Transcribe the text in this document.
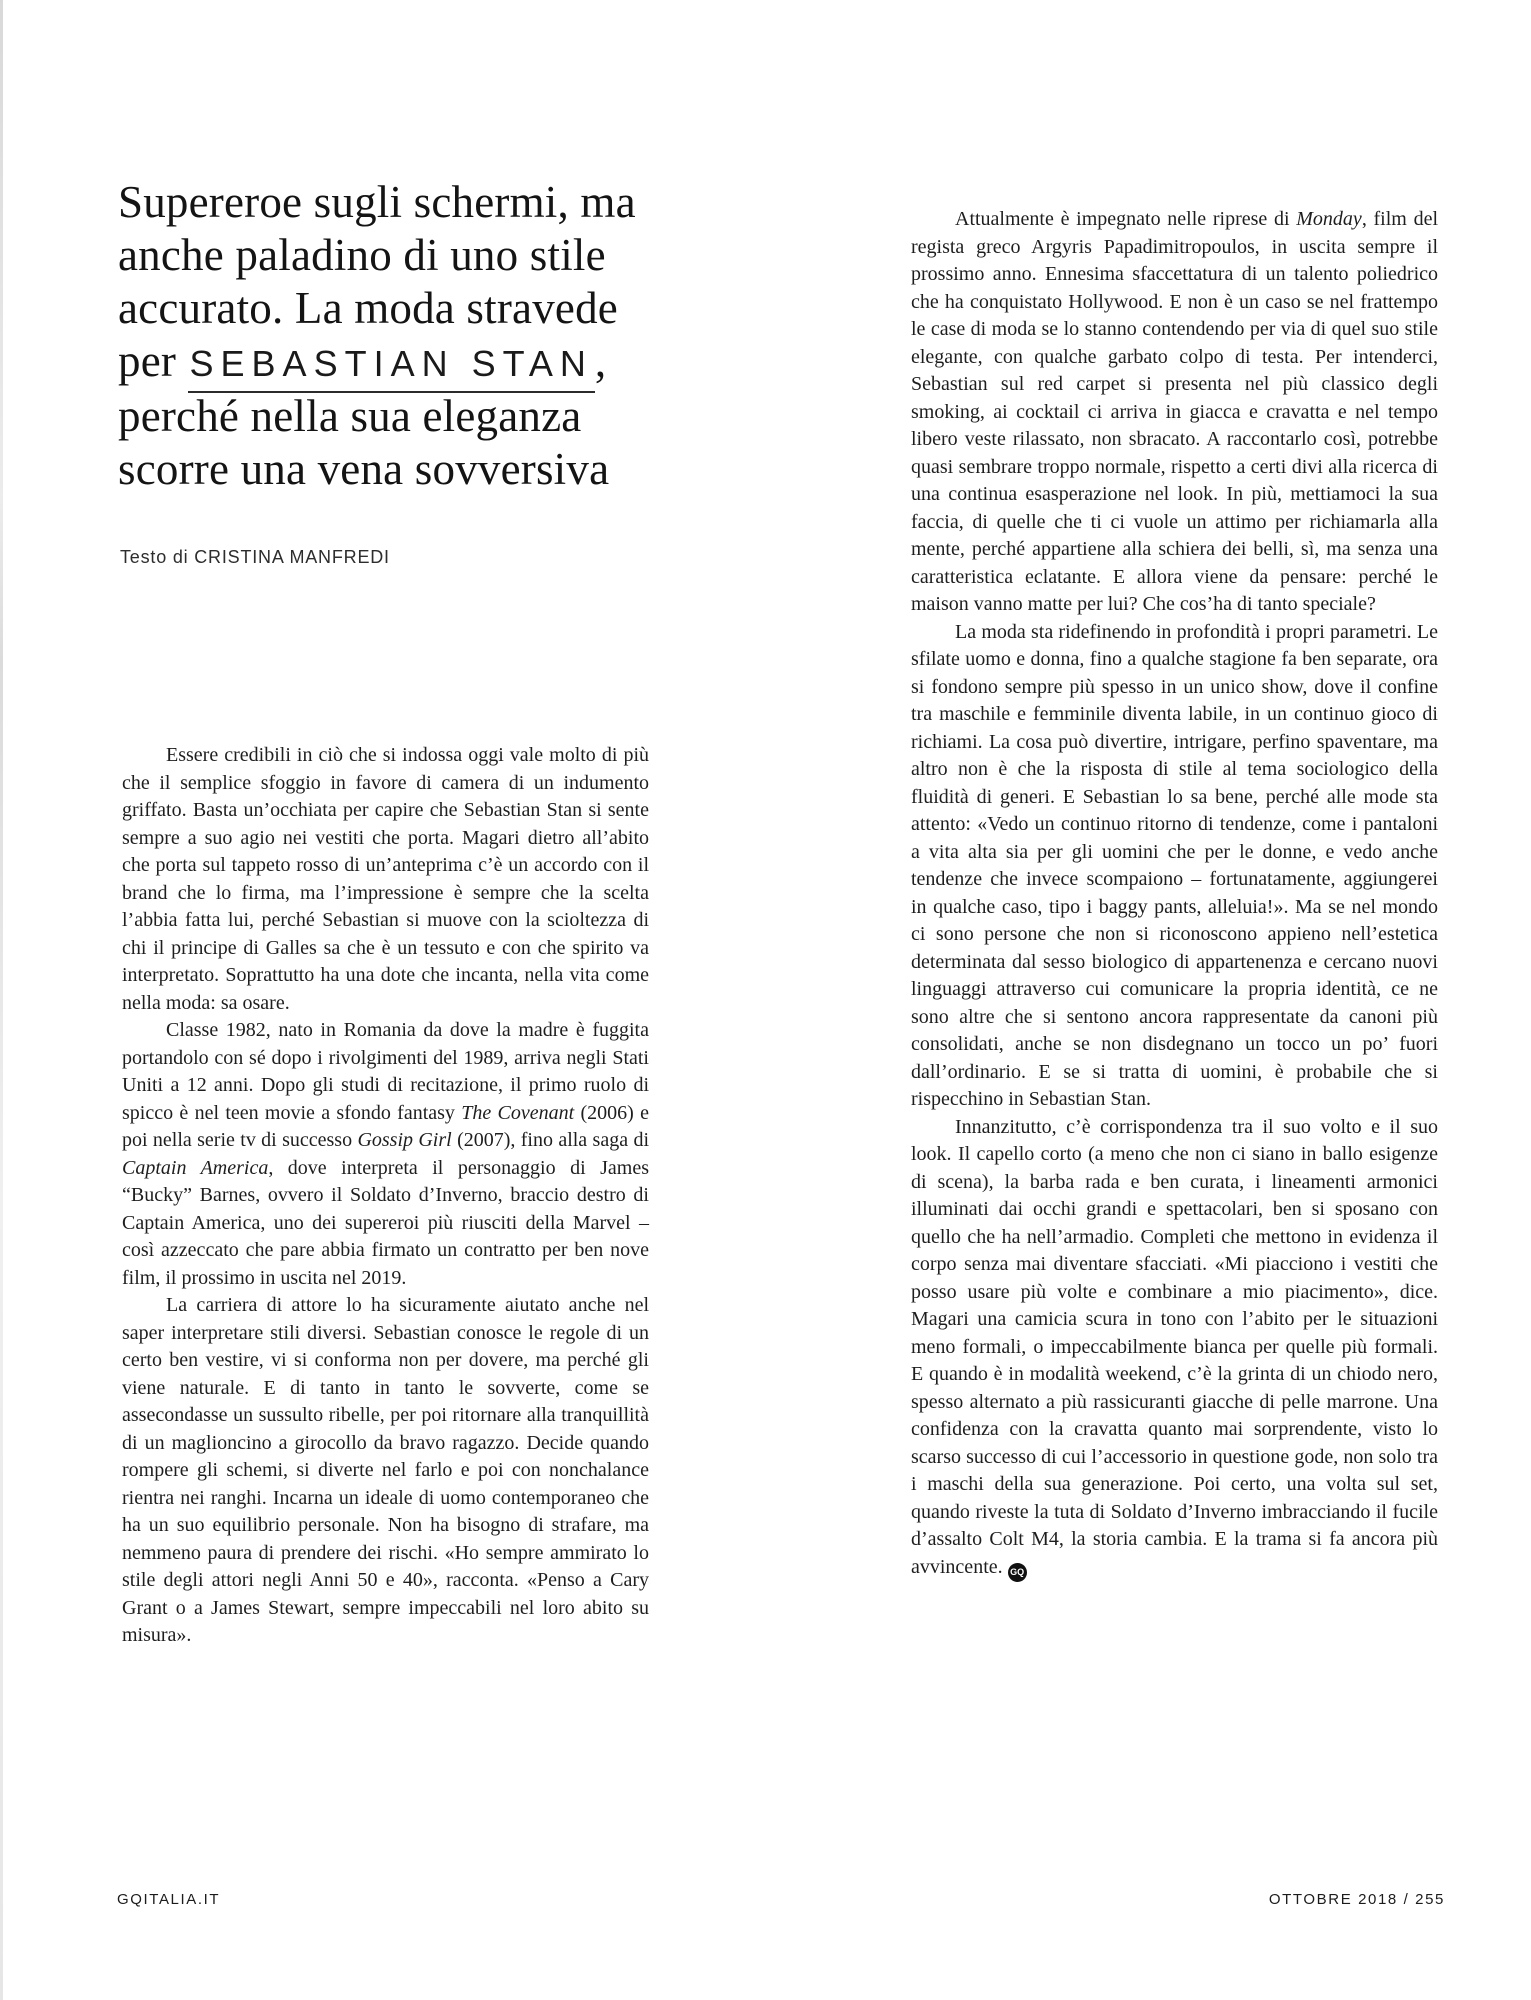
Supereroe sugli schermi, ma
anche paladino di uno stile
accurato. La moda stravede
per SEBASTIAN STAN,
perché nella sua eleganza
scorre una vena sovversiva
Testo di CRISTINA MANFREDI

Essere credibili in ciò che si indossa oggi vale molto di più che il semplice sfoggio in favore di camera di un indumento griffato. Basta un’occhiata per capire che Sebastian Stan si sente sempre a suo agio nei vestiti che porta. Magari dietro all’abito che porta sul tappeto rosso di un’anteprima c’è un accordo con il brand che lo firma, ma l’impressione è sempre che la scelta l’abbia fatta lui, perché Sebastian si muove con la scioltezza di chi il principe di Galles sa che è un tessuto e con che spirito va interpretato. Soprattutto ha una dote che incanta, nella vita come nella moda: sa osare.

Classe 1982, nato in Romania da dove la madre è fuggita portandolo con sé dopo i rivolgimenti del 1989, arriva negli Stati Uniti a 12 anni. Dopo gli studi di recitazione, il primo ruolo di spicco è nel teen movie a sfondo fantasy The Covenant (2006) e poi nella serie tv di successo Gossip Girl (2007), fino alla saga di Captain America, dove interpreta il personaggio di James “Bucky” Barnes, ovvero il Soldato d’Inverno, braccio destro di Captain America, uno dei supereroi più riusciti della Marvel – così azzeccato che pare abbia firmato un contratto per ben nove film, il prossimo in uscita nel 2019.

La carriera di attore lo ha sicuramente aiutato anche nel saper interpretare stili diversi. Sebastian conosce le regole di un certo ben vestire, vi si conforma non per dovere, ma perché gli viene naturale. E di tanto in tanto le sovverte, come se assecondasse un sussulto ribelle, per poi ritornare alla tranquillità di un maglioncino a girocollo da bravo ragazzo. Decide quando rompere gli schemi, si diverte nel farlo e poi con nonchalance rientra nei ranghi. Incarna un ideale di uomo contemporaneo che ha un suo equilibrio personale. Non ha bisogno di strafare, ma nemmeno paura di prendere dei rischi. «Ho sempre ammirato lo stile degli attori negli Anni 50 e 40», racconta. «Penso a Cary Grant o a James Stewart, sempre impeccabili nel loro abito su misura».

Attualmente è impegnato nelle riprese di Monday, film del regista greco Argyris Papadimitropoulos, in uscita sempre il prossimo anno. Ennesima sfaccettatura di un talento poliedrico che ha conquistato Hollywood. E non è un caso se nel frattempo le case di moda se lo stanno contendendo per via di quel suo stile elegante, con qualche garbato colpo di testa. Per intenderci, Sebastian sul red carpet si presenta nel più classico degli smoking, ai cocktail ci arriva in giacca e cravatta e nel tempo libero veste rilassato, non sbracato. A raccontarlo così, potrebbe quasi sembrare troppo normale, rispetto a certi divi alla ricerca di una continua esasperazione nel look. In più, mettiamoci la sua faccia, di quelle che ti ci vuole un attimo per richiamarla alla mente, perché appartiene alla schiera dei belli, sì, ma senza una caratteristica eclatante. E allora viene da pensare: perché le maison vanno matte per lui? Che cos’ha di tanto speciale?

La moda sta ridefinendo in profondità i propri parametri. Le sfilate uomo e donna, fino a qualche stagione fa ben separate, ora si fondono sempre più spesso in un unico show, dove il confine tra maschile e femminile diventa labile, in un continuo gioco di richiami. La cosa può divertire, intrigare, perfino spaventare, ma altro non è che la risposta di stile al tema sociologico della fluidità di generi. E Sebastian lo sa bene, perché alle mode sta attento: «Vedo un continuo ritorno di tendenze, come i pantaloni a vita alta sia per gli uomini che per le donne, e vedo anche tendenze che invece scompaiono – fortunatamente, aggiungerei in qualche caso, tipo i baggy pants, alleluia!». Ma se nel mondo ci sono persone che non si riconoscono appieno nell’estetica determinata dal sesso biologico di appartenenza e cercano nuovi linguaggi attraverso cui comunicare la propria identità, ce ne sono altre che si sentono ancora rappresentate da canoni più consolidati, anche se non disdegnano un tocco un po’ fuori dall’ordinario. E se si tratta di uomini, è probabile che si rispecchino in Sebastian Stan.

Innanzitutto, c’è corrispondenza tra il suo volto e il suo look. Il capello corto (a meno che non ci siano in ballo esigenze di scena), la barba rada e ben curata, i lineamenti armonici illuminati dai occhi grandi e spettacolari, ben si sposano con quello che ha nell’armadio. Completi che mettono in evidenza il corpo senza mai diventare sfacciati. «Mi piacciono i vestiti che posso usare più volte e combinare a mio piacimento», dice. Magari una camicia scura in tono con l’abito per le situazioni meno formali, o impeccabilmente bianca per quelle più formali. E quando è in modalità weekend, c’è la grinta di un chiodo nero, spesso alternato a più rassicuranti giacche di pelle marrone. Una confidenza con la cravatta quanto mai sorprendente, visto lo scarso successo di cui l’accessorio in questione gode, non solo tra i maschi della sua generazione. Poi certo, una volta sul set, quando riveste la tuta di Soldato d’Inverno imbracciando il fucile d’assalto Colt M4, la storia cambia. E la trama si fa ancora più avvincente. GQ

GQITALIA.IT	OTTOBRE 2018 / 255
